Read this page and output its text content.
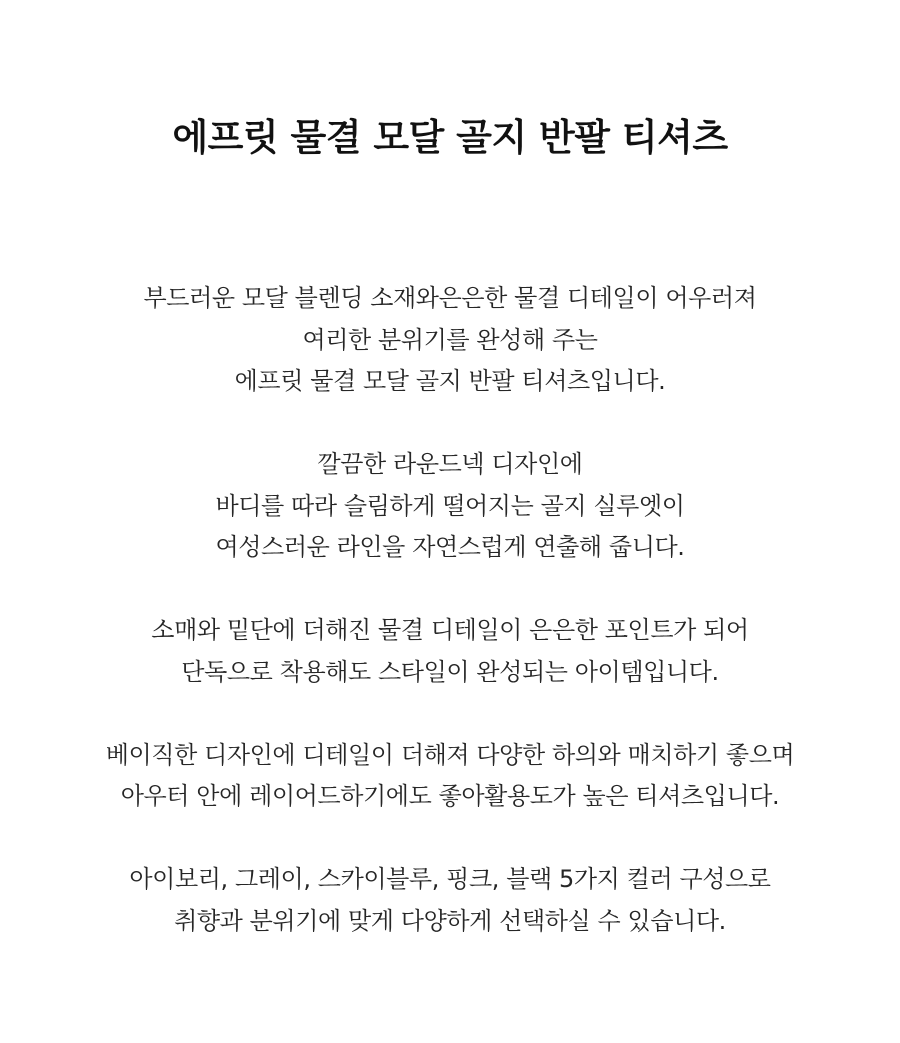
에프릿 물결 모달 골지 반팔 티셔츠

부드러운 모달 블렌딩 소재와은은한 물결 디테일이 어우러져
여리한 분위기를 완성해 주는
에프릿 물결 모달 골지 반팔 티셔츠입니다.

깔끔한 라운드넥 디자인에
바디를 따라 슬림하게 떨어지는 골지 실루엣이
여성스러운 라인을 자연스럽게 연출해 줍니다.

소매와 밑단에 더해진 물결 디테일이 은은한 포인트가 되어
단독으로 착용해도 스타일이 완성되는 아이템입니다.

베이직한 디자인에 디테일이 더해져 다양한 하의와 매치하기 좋으며
아우터 안에 레이어드하기에도 좋아활용도가 높은 티셔츠입니다.

아이보리, 그레이, 스카이블루, 핑크, 블랙 5가지 컬러 구성으로
취향과 분위기에 맞게 다양하게 선택하실 수 있습니다.
